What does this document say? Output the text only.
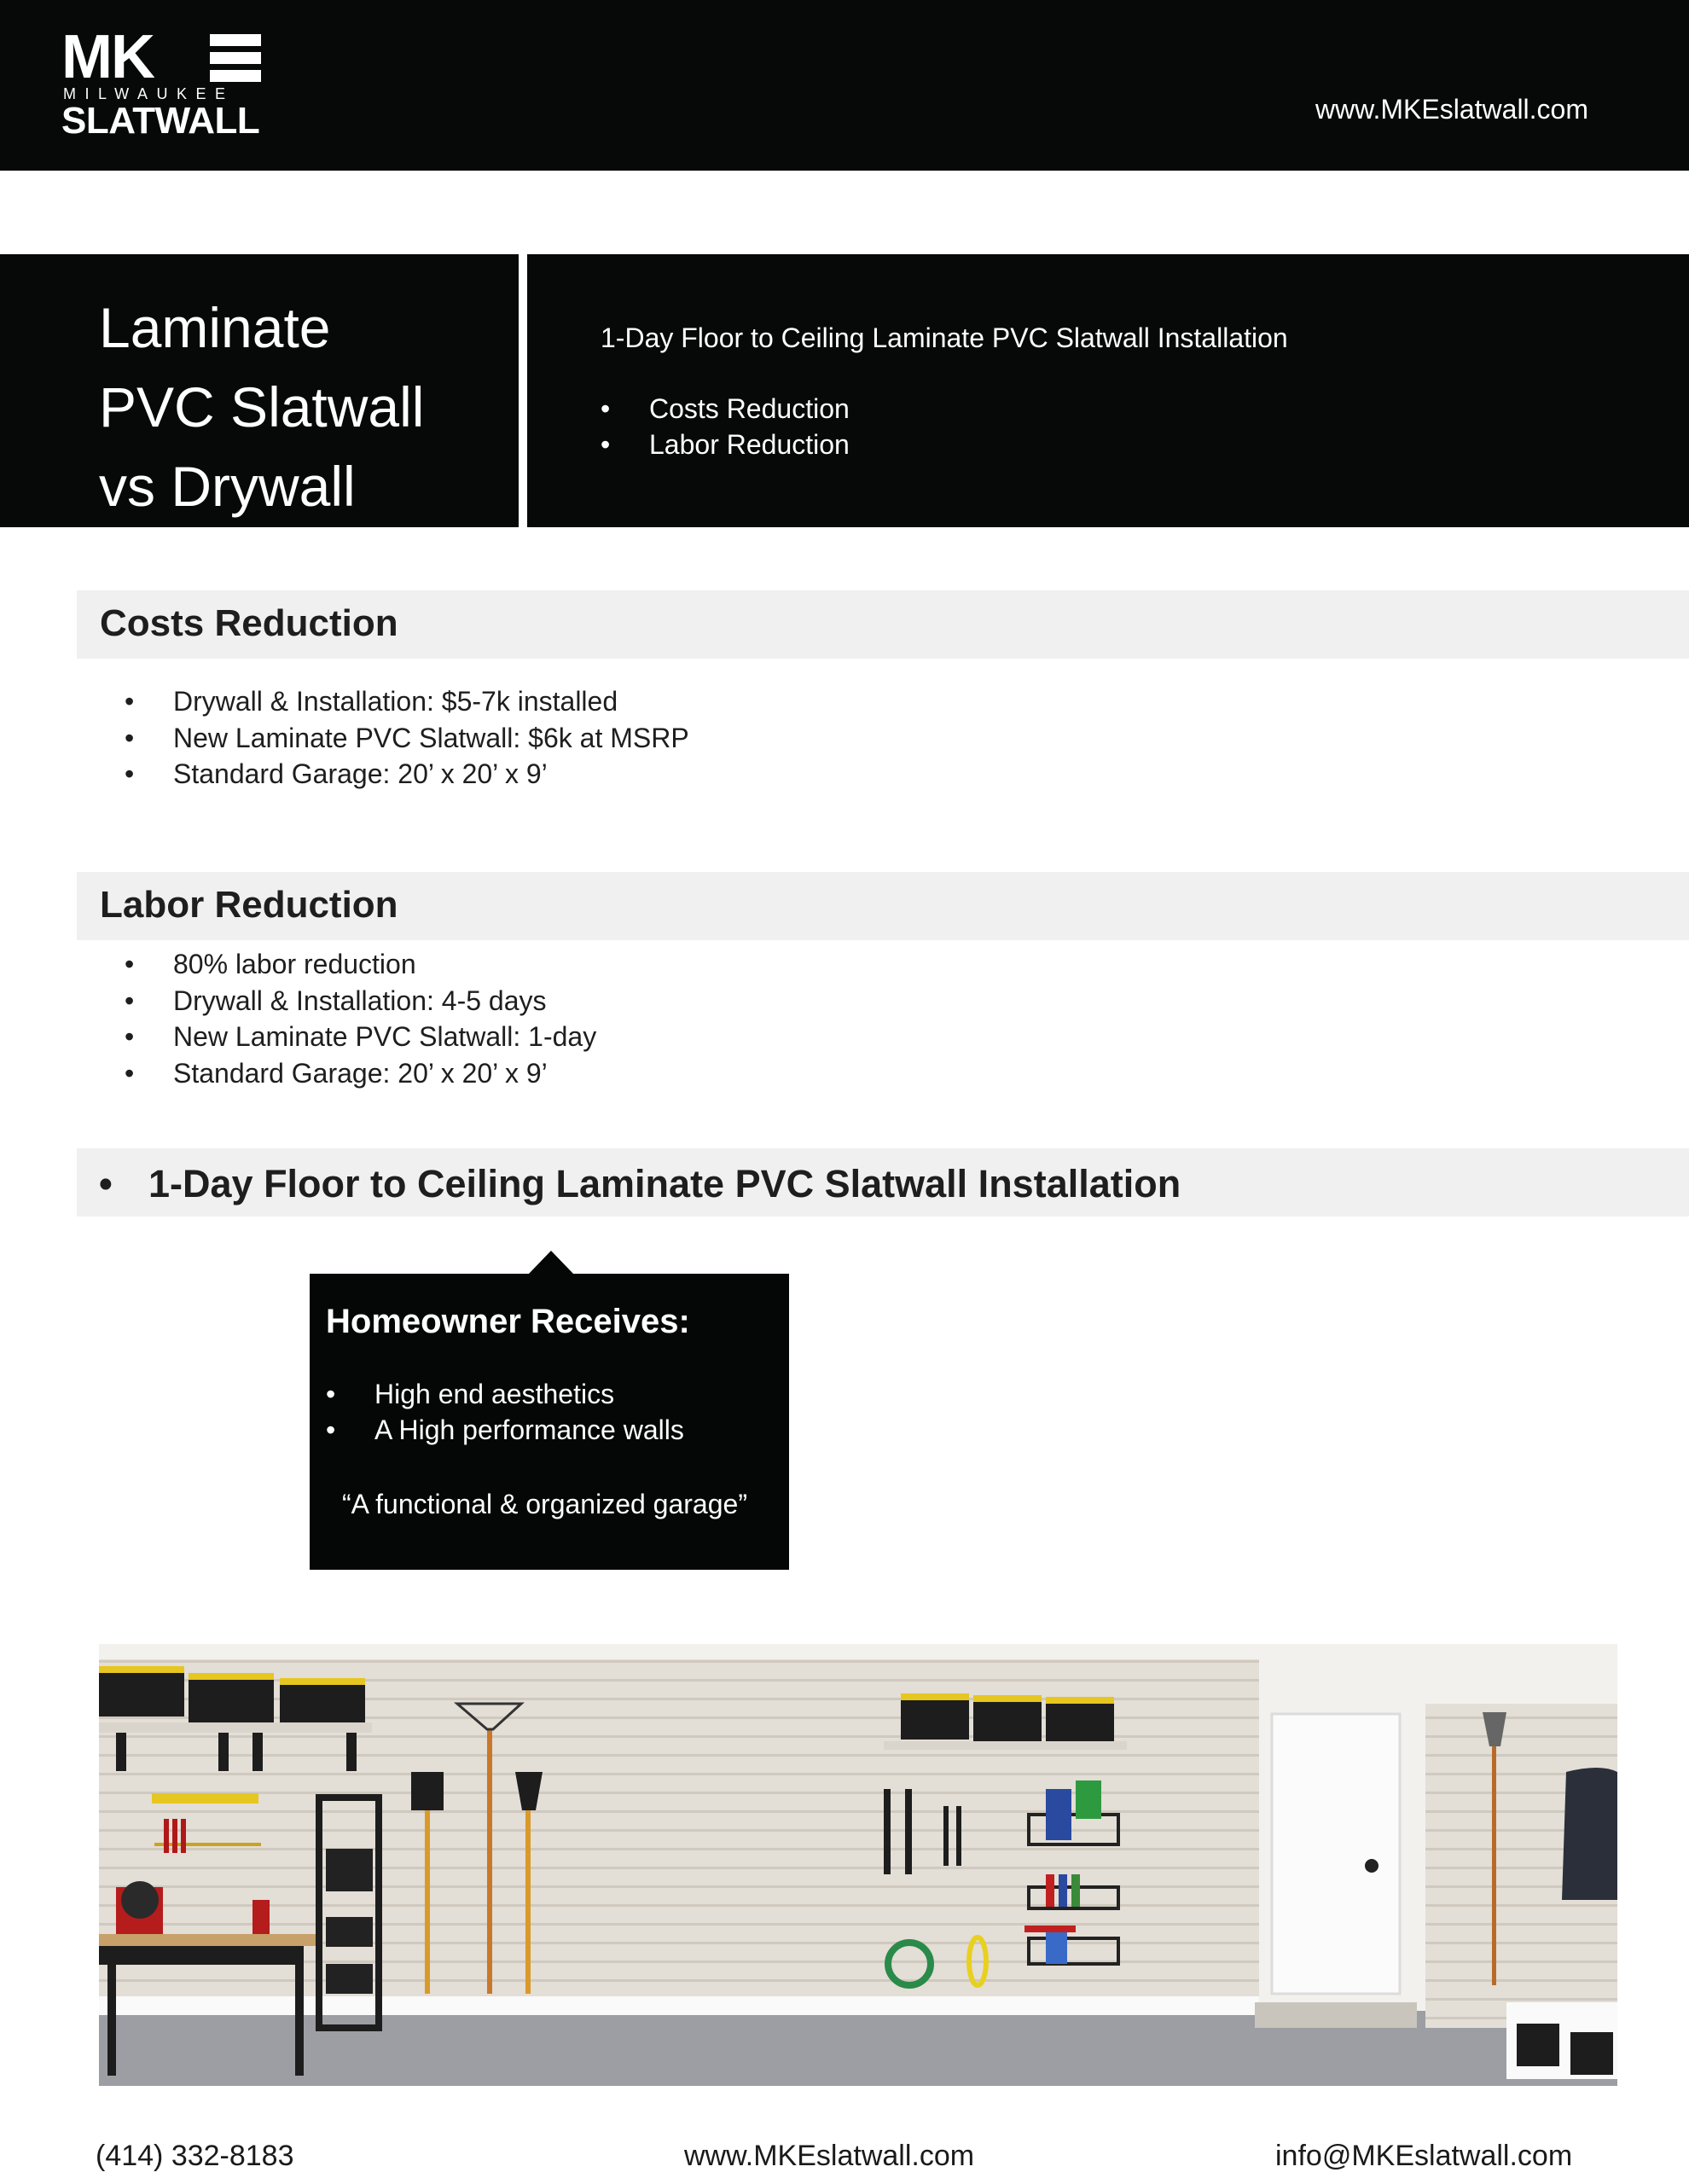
MK
MILWAUKEE
SLATWALL	www.MKEslatwall.com
Laminate
PVC Slatwall
vs Drywall
1-Day Floor to Ceiling Laminate PVC Slatwall Installation
•	Costs Reduction
•	Labor Reduction
Costs Reduction
•	Drywall & Installation: $5-7k installed
•	New Laminate PVC Slatwall: $6k at MSRP
•	Standard Garage: 20’ x 20’ x 9’
Labor Reduction
•	80% labor reduction
•	Drywall & Installation: 4-5 days
•	New Laminate PVC Slatwall: 1-day
•	Standard Garage: 20’ x 20’ x 9’
• 1-Day Floor to Ceiling Laminate PVC Slatwall Installation
Homeowner Receives:
•	High end aesthetics
•	A High performance walls
“A functional & organized garage”
(414) 332-8183	www.MKEslatwall.com	info@MKEslatwall.com
